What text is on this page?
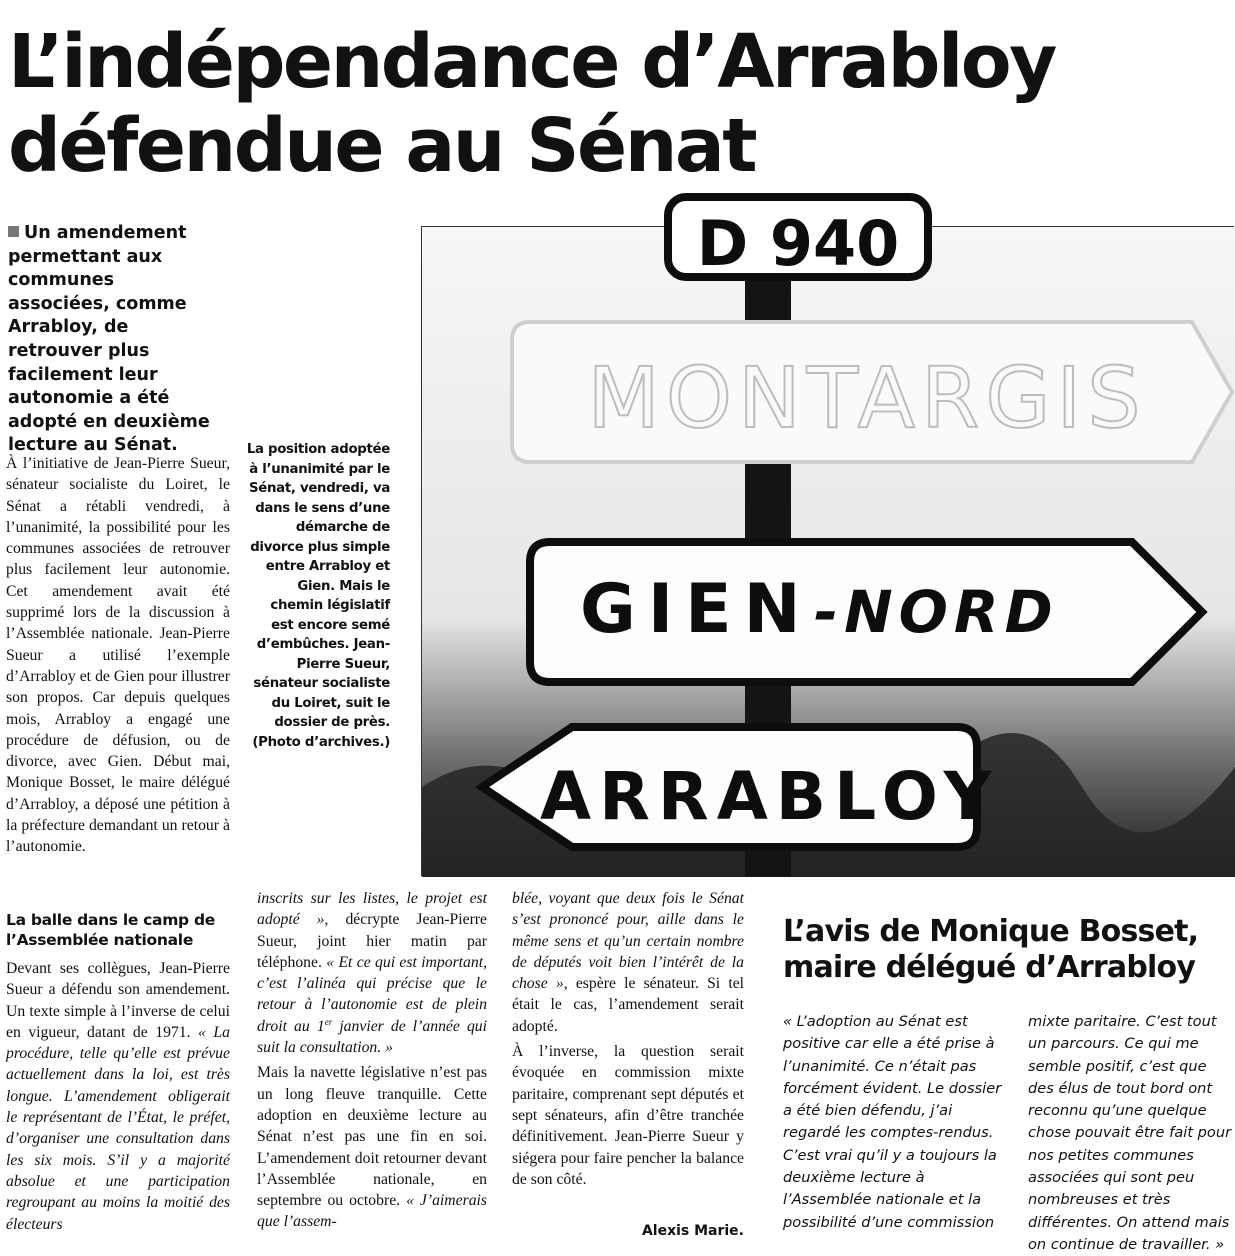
L’indépendance d’Arrabloy
défendue au Sénat
Un amendement permettant aux communes associées, comme Arrabloy, de retrouver plus facilement leur autonomie a été adopté en deuxième lecture au Sénat.

À l’initiative de Jean-Pierre Sueur, sénateur socialiste du Loiret, le Sénat a rétabli vendredi, à l’unanimité, la possibilité pour les communes associées de retrouver plus facilement leur autonomie. Cet amendement avait été supprimé lors de la discussion à l’Assemblée nationale. Jean-Pierre Sueur a utilisé l’exemple d’Arrabloy et de Gien pour illustrer son propos. Car depuis quelques mois, Arrabloy a engagé une procédure de défusion, ou de divorce, avec Gien. Début mai, Monique Bosset, le maire délégué d’Arrabloy, a déposé une pétition à la préfecture demandant un retour à l’autonomie.

La balle dans le camp de l’Assemblée nationale

Devant ses collègues, Jean-Pierre Sueur a défendu son amendement. Un texte simple à l’inverse de celui en vigueur, datant de 1971. « La procédure, telle qu’elle est prévue actuellement dans la loi, est très longue. L’amendement obligerait le représentant de l’État, le préfet, d’organiser une consultation dans les six mois. S’il y a majorité absolue et une participation regroupant au moins la moitié des électeurs

inscrits sur les listes, le projet est adopté », décrypte Jean-Pierre Sueur, joint hier matin par téléphone. « Et ce qui est important, c’est l’alinéa qui précise que le retour à l’autonomie est de plein droit au 1er janvier de l’année qui suit la consultation. »

Mais la navette législative n’est pas un long fleuve tranquille. Cette adoption en deuxième lecture au Sénat n’est pas une fin en soi. L’amendement doit retourner devant l’Assemblée nationale, en septembre ou octobre. « J’aimerais que l’assem-

blée, voyant que deux fois le Sénat s’est prononcé pour, aille dans le même sens et qu’un certain nombre de députés voit bien l’intérêt de la chose », espère le sénateur. Si tel était le cas, l’amendement serait adopté.

À l’inverse, la question serait évoquée en commission mixte paritaire, comprenant sept députés et sept sénateurs, afin d’être tranchée définitivement. Jean-Pierre Sueur y siégera pour faire pencher la balance de son côté.

Alexis Marie.
La position adoptée à l’unanimité par le Sénat, vendredi, va dans le sens d’une démarche de divorce plus simple entre Arrabloy et Gien. Mais le chemin législatif est encore semé d’embûches. Jean-Pierre Sueur, sénateur socialiste du Loiret, suit le dossier de près. (Photo d’archives.)
D 940
MONTARGIS
GIEN -NORD
ARRABLOY
L’avis de Monique Bosset,
maire délégué d’Arrabloy
« L’adoption au Sénat est positive car elle a été prise à l’unanimité. Ce n’était pas forcément évident. Le dossier a été bien défendu, j’ai regardé les comptes-rendus. C’est vrai qu’il y a toujours la deuxième lecture à l’Assemblée nationale et la possibilité d’une commission
mixte paritaire. C’est tout un parcours. Ce qui me semble positif, c’est que des élus de tout bord ont reconnu qu’une quelque chose pouvait être fait pour nos petites communes associées qui sont peu nombreuses et très différentes. On attend mais on continue de travailler. »
